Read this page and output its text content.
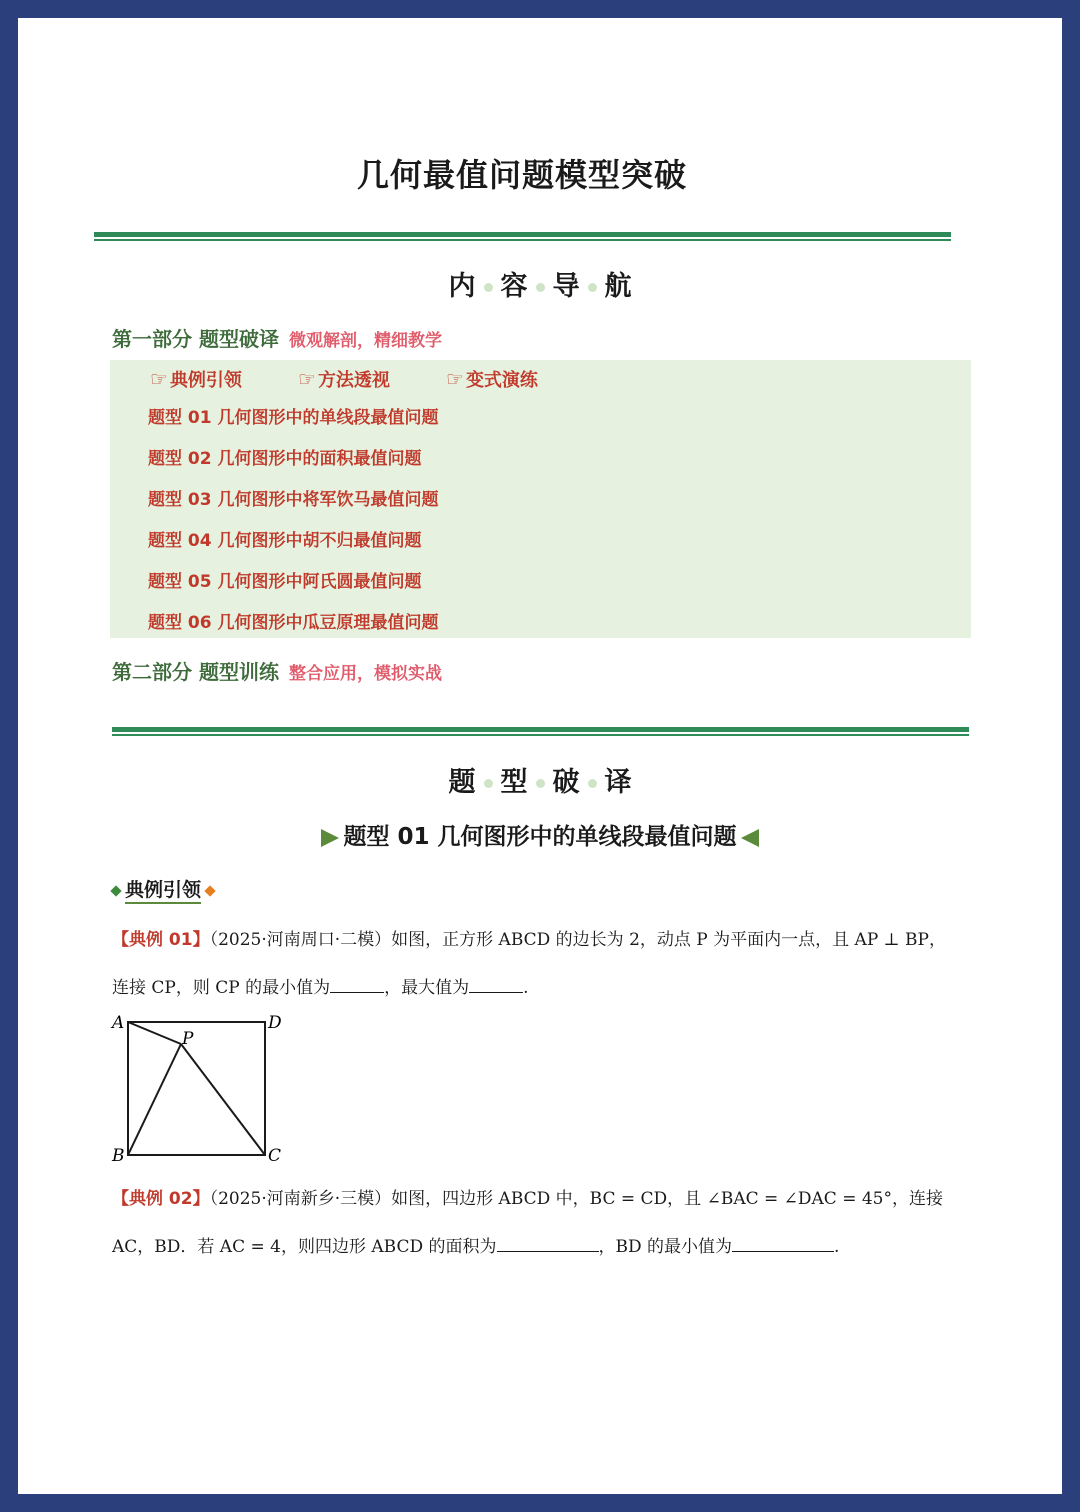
几何最值问题模型突破
内 容 导 航
第一部分 题型破译 微观解剖，精细教学
☞ 典例引领	☞ 方法透视	☞ 变式演练
题型 01 几何图形中的单线段最值问题
题型 02 几何图形中的面积最值问题
题型 03 几何图形中将军饮马最值问题
题型 04 几何图形中胡不归最值问题
题型 05 几何图形中阿氏圆最值问题
题型 06 几何图形中瓜豆原理最值问题
第二部分 题型训练 整合应用，模拟实战
题 型 破 译
题型 01 几何图形中的单线段最值问题
典例引领
【典例 01】（2025·河南周口·二模）如图，正方形 ABCD 的边长为 2，动点 P 为平面内一点，且 AP ⊥ BP，
连接 CP，则 CP 的最小值为	，最大值为	.
A	D
P
B	C
【典例 02】（2025·河南新乡·三模）如图，四边形 ABCD 中，BC = CD，且 ∠BAC = ∠DAC = 45°，连接
AC，BD．若 AC = 4，则四边形 ABCD 的面积为	，BD 的最小值为	.
